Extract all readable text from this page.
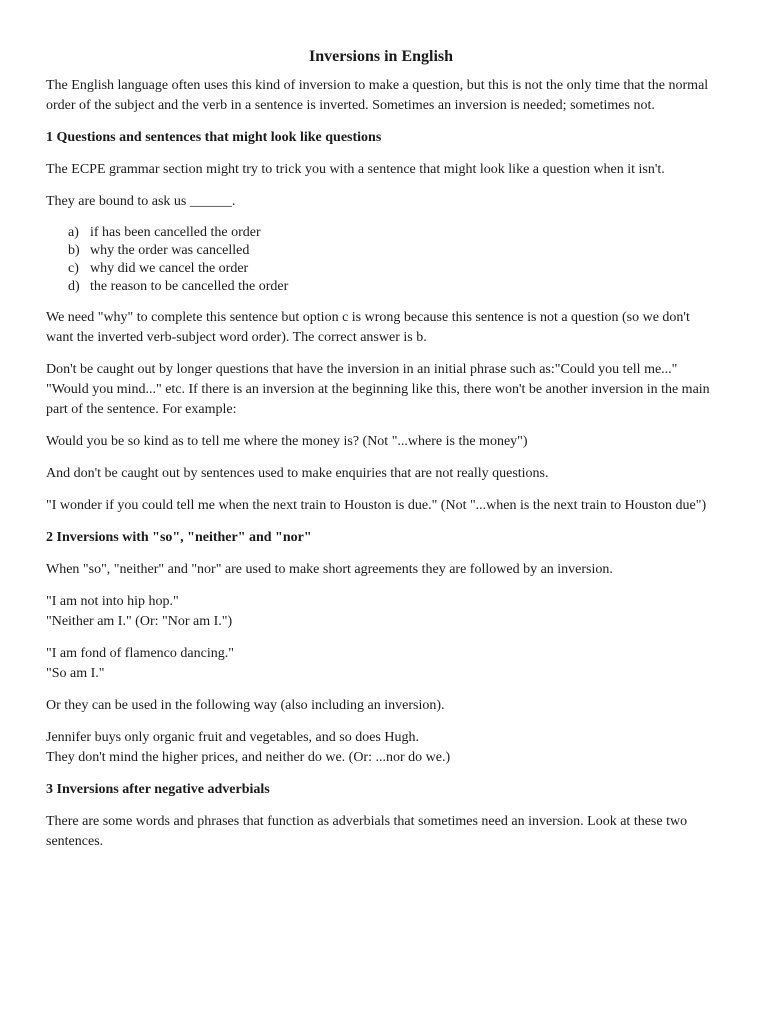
Inversions in English

The English language often uses this kind of inversion to make a question, but this is not the only time that the normal order of the subject and the verb in a sentence is inverted. Sometimes an inversion is needed; sometimes not.

1 Questions and sentences that might look like questions

The ECPE grammar section might try to trick you with a sentence that might look like a question when it isn't.

They are bound to ask us ______.

a) if has been cancelled the order
b) why the order was cancelled
c) why did we cancel the order
d) the reason to be cancelled the order

We need "why" to complete this sentence but option c is wrong because this sentence is not a question (so we don't want the inverted verb-subject word order). The correct answer is b.

Don't be caught out by longer questions that have the inversion in an initial phrase such as:"Could you tell me..." "Would you mind..." etc. If there is an inversion at the beginning like this, there won't be another inversion in the main part of the sentence. For example:

Would you be so kind as to tell me where the money is? (Not "...where is the money")

And don't be caught out by sentences used to make enquiries that are not really questions.

"I wonder if you could tell me when the next train to Houston is due." (Not "...when is the next train to Houston due")

2 Inversions with "so", "neither" and "nor"

When "so", "neither" and "nor" are used to make short agreements they are followed by an inversion.

"I am not into hip hop."
"Neither am I." (Or: "Nor am I.")
"I am fond of flamenco dancing."
"So am I."

Or they can be used in the following way (also including an inversion).

Jennifer buys only organic fruit and vegetables, and so does Hugh.
They don't mind the higher prices, and neither do we. (Or: ...nor do we.)
3 Inversions after negative adverbials

There are some words and phrases that function as adverbials that sometimes need an inversion. Look at these two sentences.
